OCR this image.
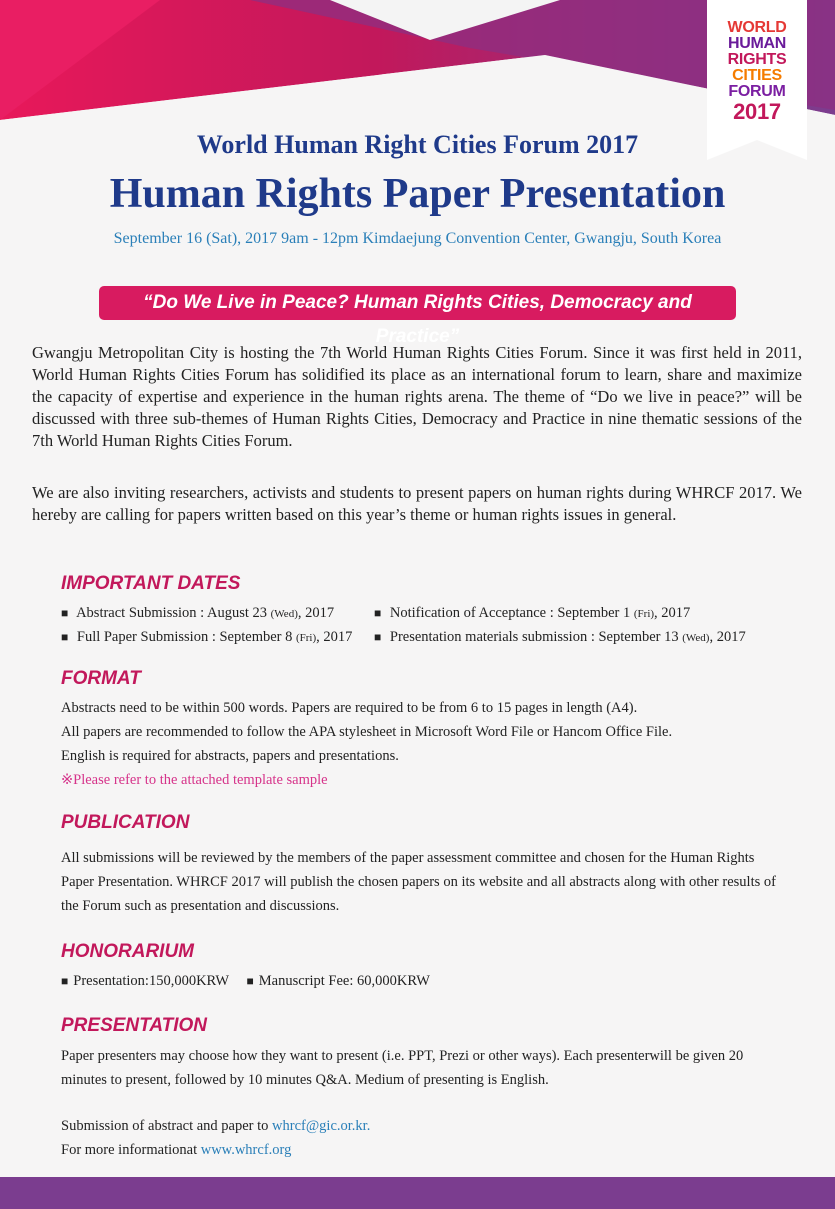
WORLD
HUMAN
RIGHTS
CITIES
FORUM
2017
World Human Right Cities Forum 2017
Human Rights Paper Presentation
September 16 (Sat), 2017 9am - 12pm Kimdaejung Convention Center, Gwangju, South Korea
“Do We Live in Peace? Human Rights Cities, Democracy and Practice”
Gwangju Metropolitan City is hosting the 7th World Human Rights Cities Forum. Since it was first held in 2011, World Human Rights Cities Forum has solidified its place as an international forum to learn, share and maximize the capacity of expertise and experience in the human rights arena. The theme of “Do we live in peace?” will be discussed with three sub-themes of Human Rights Cities, Democracy and Practice in nine thematic sessions of the 7th World Human Rights Cities Forum.
We are also inviting researchers, activists and students to present papers on human rights during WHRCF 2017. We hereby are calling for papers written based on this year’s theme or human rights issues in general.
IMPORTANT DATES
■ Abstract Submission : August 23 (Wed), 2017	■ Notification of Acceptance : September 1 (Fri), 2017
■ Full Paper Submission : September 8 (Fri), 2017	■ Presentation materials submission : September 13 (Wed), 2017
FORMAT
Abstracts need to be within 500 words. Papers are required to be from 6 to 15 pages in length (A4).
All papers are recommended to follow the APA stylesheet in Microsoft Word File or Hancom Office File.
English is required for abstracts, papers and presentations.
※Please refer to the attached template sample
PUBLICATION
All submissions will be reviewed by the members of the paper assessment committee and chosen for the Human Rights Paper Presentation. WHRCF 2017 will publish the chosen papers on its website and all abstracts along with other results of the Forum such as presentation and discussions.
HONORARIUM
■ Presentation:150,000KRW ■ Manuscript Fee: 60,000KRW
PRESENTATION
Paper presenters may choose how they want to present (i.e. PPT, Prezi or other ways). Each presenterwill be given 20 minutes to present, followed by 10 minutes Q&A. Medium of presenting is English.
Submission of abstract and paper to whrcf@gic.or.kr.
For more informationat www.whrcf.org
